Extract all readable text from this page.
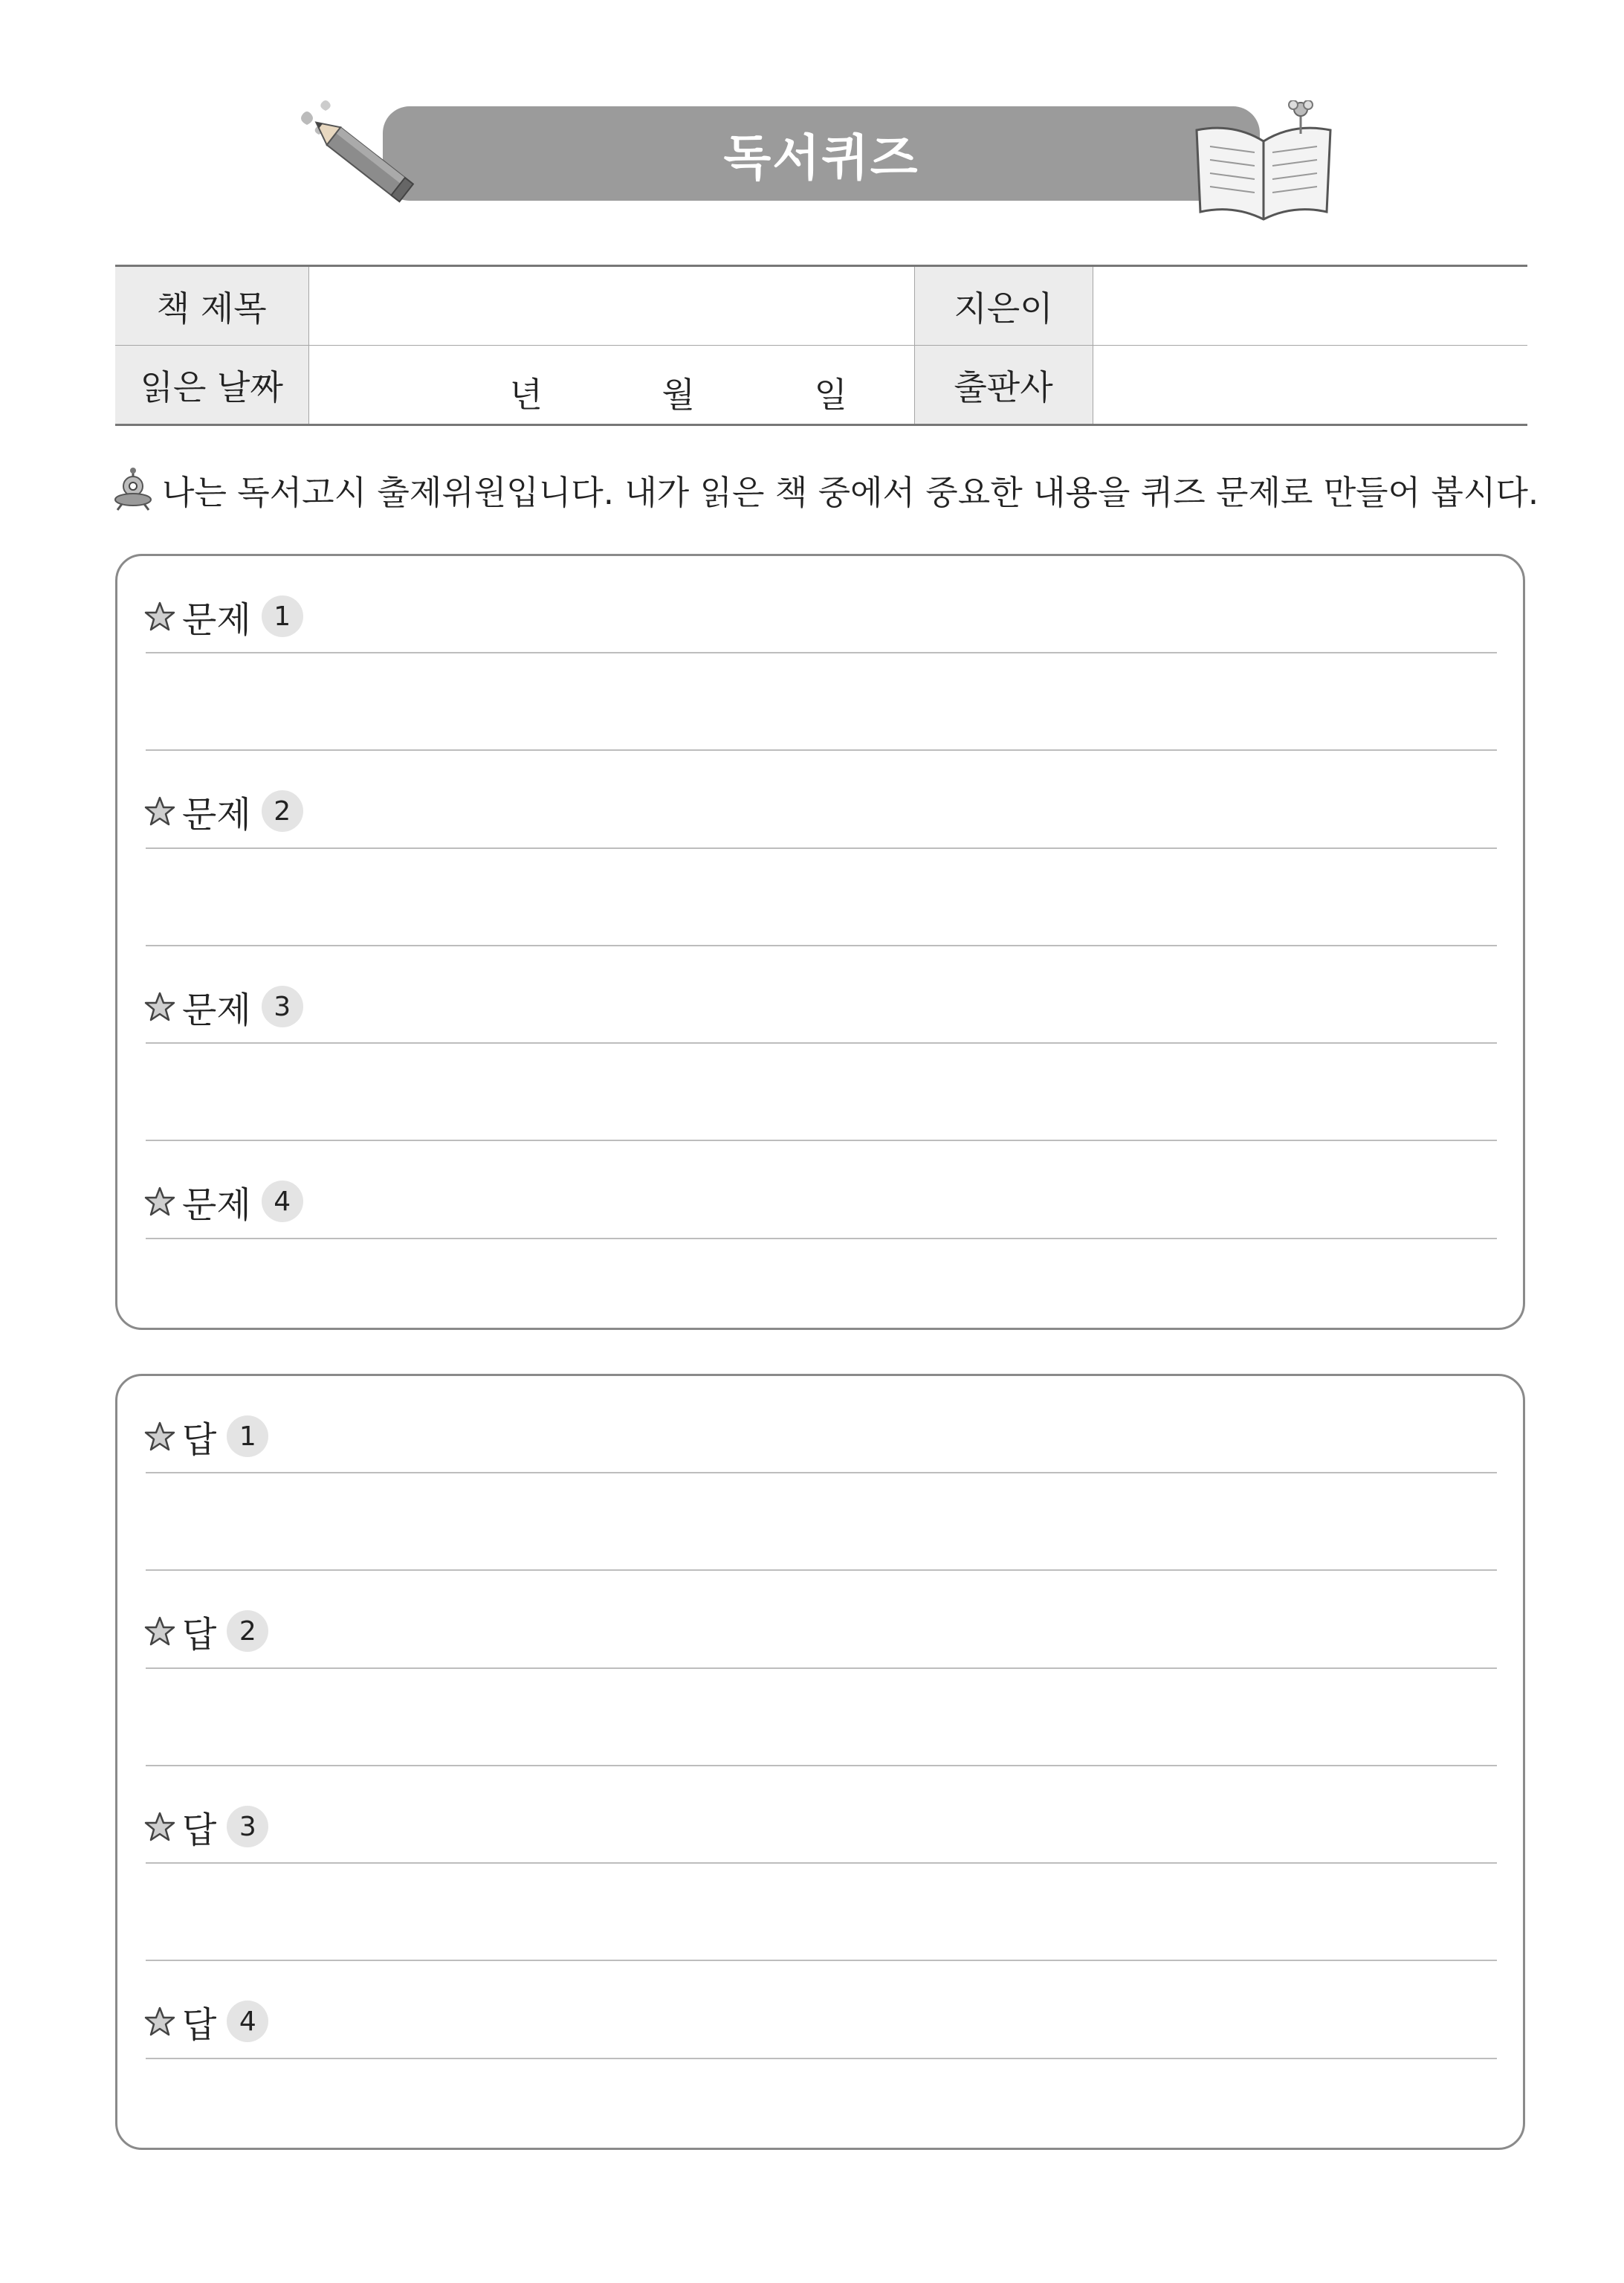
독서퀴즈
책 제목		지은이	
읽은 날짜	년 월 일	출판사	
나는 독서고시 출제위원입니다. 내가 읽은 책 중에서 중요한 내용을 퀴즈 문제로 만들어 봅시다.
문제 1
문제 2
문제 3
문제 4
답 1
답 2
답 3
답 4
